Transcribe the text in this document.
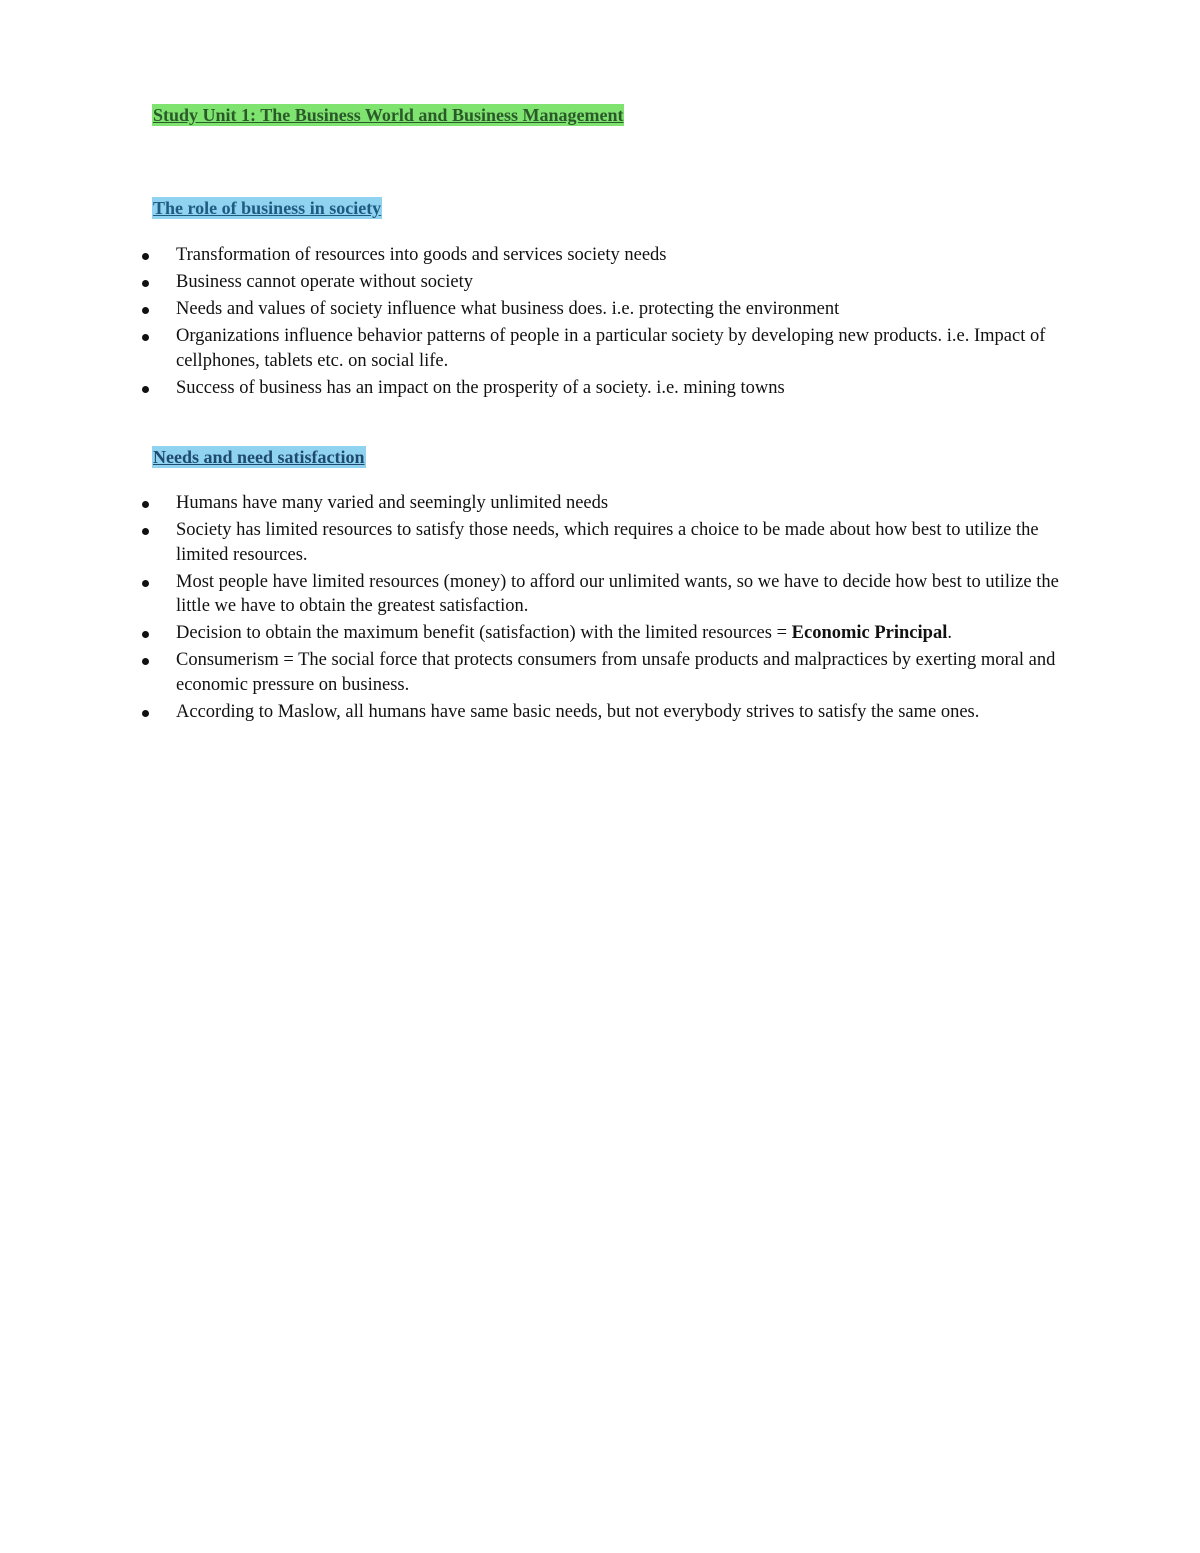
Study Unit 1: The Business World and Business Management
The role of business in society
Transformation of resources into goods and services society needs
Business cannot operate without society
Needs and values of society influence what business does. i.e. protecting the environment
Organizations influence behavior patterns of people in a particular society by developing new products. i.e. Impact of cellphones, tablets etc. on social life.
Success of business has an impact on the prosperity of a society. i.e. mining towns
Needs and need satisfaction
Humans have many varied and seemingly unlimited needs
Society has limited resources to satisfy those needs, which requires a choice to be made about how best to utilize the limited resources.
Most people have limited resources (money) to afford our unlimited wants, so we have to decide how best to utilize the little we have to obtain the greatest satisfaction.
Decision to obtain the maximum benefit (satisfaction) with the limited resources = Economic Principal.
Consumerism = The social force that protects consumers from unsafe products and malpractices by exerting moral and economic pressure on business.
According to Maslow, all humans have same basic needs, but not everybody strives to satisfy the same ones.
